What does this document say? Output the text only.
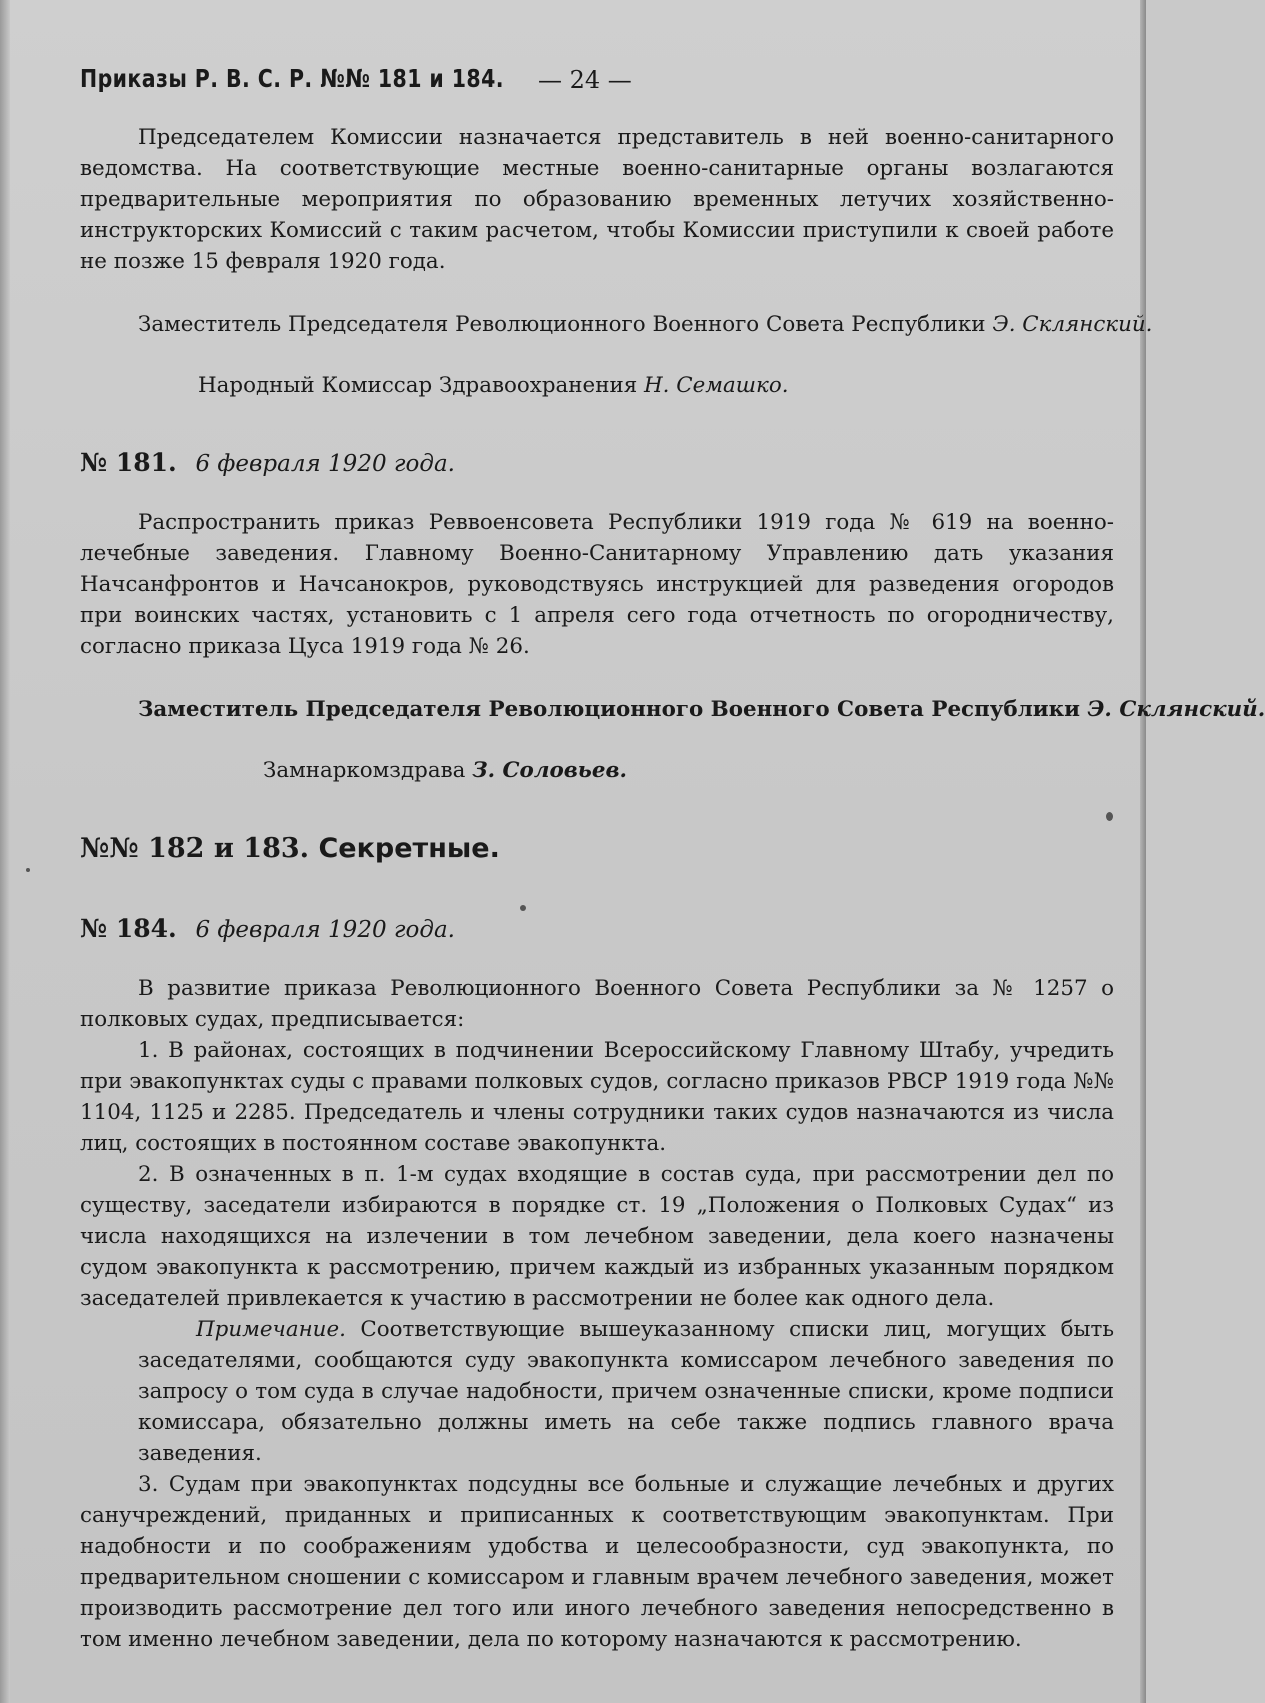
Приказы Р. В. С. Р. №№ 181 и 184. — 24 —

Председателем Комиссии назначается представитель в ней военно-санитарного ведомства. На соответствующие местные военно-санитарные органы возлагаются предварительные мероприятия по образованию временных летучих хозяйственно-инструкторских Комиссий с таким расчетом, чтобы Комиссии приступили к своей работе не позже 15 февраля 1920 года.

Заместитель Председателя Революционного Военного Совета Республики Э. Склянский.

Народный Комиссар Здравоохранения Н. Семашко.

№ 181. 6 февраля 1920 года.

Распространить приказ Реввоенсовета Республики 1919 года № 619 на военно-лечебные заведения. Главному Военно-Санитарному Управлению дать указания Начсанфронтов и Начсанокров, руководствуясь инструкцией для разведения огородов при воинских частях, установить с 1 апреля сего года отчетность по огородничеству, согласно приказа Цуса 1919 года № 26.

Заместитель Председателя Революционного Военного Совета Республики Э. Склянский.

Замнаркомздрава З. Соловьев.

№№ 182 и 183. Секретные.

№ 184. 6 февраля 1920 года.

В развитие приказа Революционного Военного Совета Республики за № 1257 о полковых судах, предписывается:

1. В районах, состоящих в подчинении Всероссийскому Главному Штабу, учредить при эвакопунктах суды с правами полковых судов, согласно приказов РВСР 1919 года №№ 1104, 1125 и 2285. Председатель и члены сотрудники таких судов назначаются из числа лиц, состоящих в постоянном составе эвакопункта.

2. В означенных в п. 1-м судах входящие в состав суда, при рассмотрении дел по существу, заседатели избираются в порядке ст. 19 „Положения о Полковых Судах“ из числа находящихся на излечении в том лечебном заведении, дела коего назначены судом эвакопункта к рассмотрению, причем каждый из избранных указанным порядком заседателей привлекается к участию в рассмотрении не более как одного дела.

Примечание. Соответствующие вышеуказанному списки лиц, могущих быть заседателями, сообщаются суду эвакопункта комиссаром лечебного заведения по запросу о том суда в случае надобности, причем означенные списки, кроме подписи комиссара, обязательно должны иметь на себе также подпись главного врача заведения.

3. Судам при эвакопунктах подсудны все больные и служащие лечебных и других санучреждений, приданных и приписанных к соответствующим эвакопунктам. При надобности и по соображениям удобства и целесообразности, суд эвакопункта, по предварительном сношении с комиссаром и главным врачем лечебного заведения, может производить рассмотрение дел того или иного лечебного заведения непосредственно в том именно лечебном заведении, дела по которому назначаются к рассмотрению.
